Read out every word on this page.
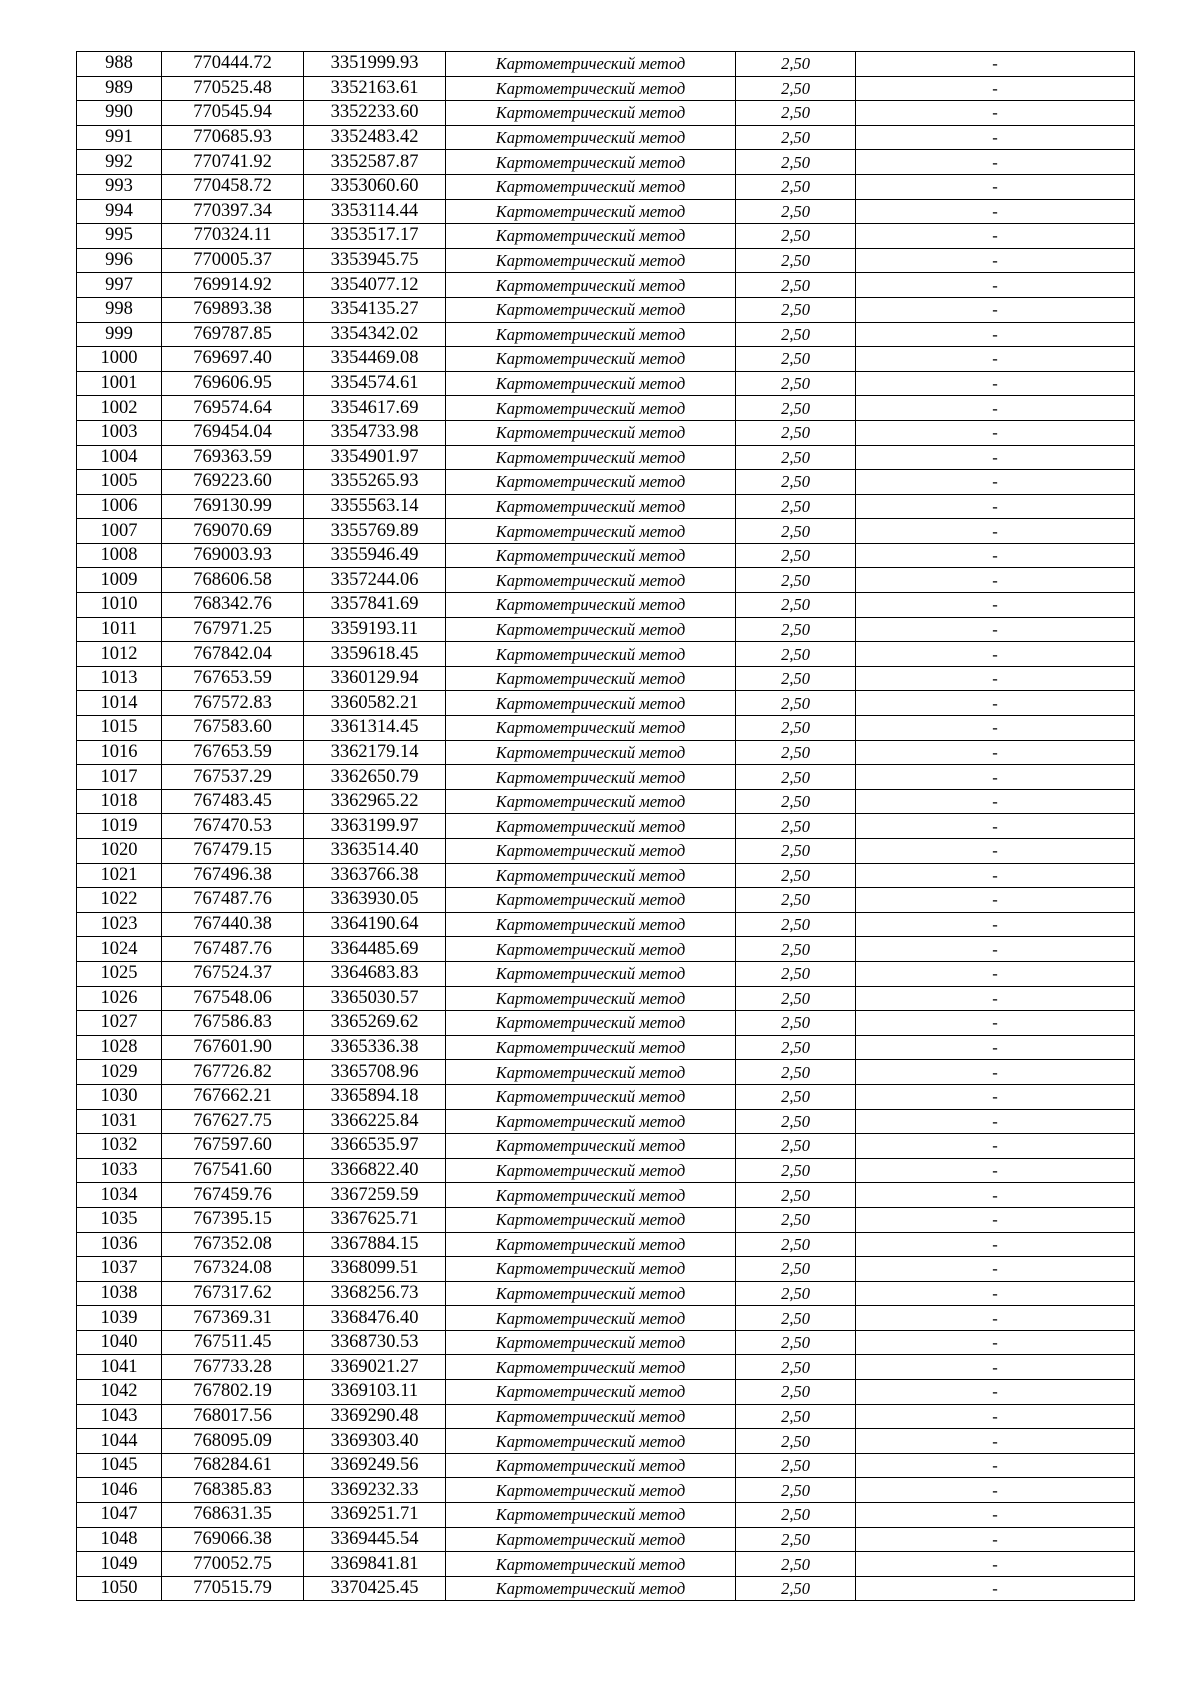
988	770444.72	3351999.93	Картометрический метод	2,50	-
989	770525.48	3352163.61	Картометрический метод	2,50	-
990	770545.94	3352233.60	Картометрический метод	2,50	-
991	770685.93	3352483.42	Картометрический метод	2,50	-
992	770741.92	3352587.87	Картометрический метод	2,50	-
993	770458.72	3353060.60	Картометрический метод	2,50	-
994	770397.34	3353114.44	Картометрический метод	2,50	-
995	770324.11	3353517.17	Картометрический метод	2,50	-
996	770005.37	3353945.75	Картометрический метод	2,50	-
997	769914.92	3354077.12	Картометрический метод	2,50	-
998	769893.38	3354135.27	Картометрический метод	2,50	-
999	769787.85	3354342.02	Картометрический метод	2,50	-
1000	769697.40	3354469.08	Картометрический метод	2,50	-
1001	769606.95	3354574.61	Картометрический метод	2,50	-
1002	769574.64	3354617.69	Картометрический метод	2,50	-
1003	769454.04	3354733.98	Картометрический метод	2,50	-
1004	769363.59	3354901.97	Картометрический метод	2,50	-
1005	769223.60	3355265.93	Картометрический метод	2,50	-
1006	769130.99	3355563.14	Картометрический метод	2,50	-
1007	769070.69	3355769.89	Картометрический метод	2,50	-
1008	769003.93	3355946.49	Картометрический метод	2,50	-
1009	768606.58	3357244.06	Картометрический метод	2,50	-
1010	768342.76	3357841.69	Картометрический метод	2,50	-
1011	767971.25	3359193.11	Картометрический метод	2,50	-
1012	767842.04	3359618.45	Картометрический метод	2,50	-
1013	767653.59	3360129.94	Картометрический метод	2,50	-
1014	767572.83	3360582.21	Картометрический метод	2,50	-
1015	767583.60	3361314.45	Картометрический метод	2,50	-
1016	767653.59	3362179.14	Картометрический метод	2,50	-
1017	767537.29	3362650.79	Картометрический метод	2,50	-
1018	767483.45	3362965.22	Картометрический метод	2,50	-
1019	767470.53	3363199.97	Картометрический метод	2,50	-
1020	767479.15	3363514.40	Картометрический метод	2,50	-
1021	767496.38	3363766.38	Картометрический метод	2,50	-
1022	767487.76	3363930.05	Картометрический метод	2,50	-
1023	767440.38	3364190.64	Картометрический метод	2,50	-
1024	767487.76	3364485.69	Картометрический метод	2,50	-
1025	767524.37	3364683.83	Картометрический метод	2,50	-
1026	767548.06	3365030.57	Картометрический метод	2,50	-
1027	767586.83	3365269.62	Картометрический метод	2,50	-
1028	767601.90	3365336.38	Картометрический метод	2,50	-
1029	767726.82	3365708.96	Картометрический метод	2,50	-
1030	767662.21	3365894.18	Картометрический метод	2,50	-
1031	767627.75	3366225.84	Картометрический метод	2,50	-
1032	767597.60	3366535.97	Картометрический метод	2,50	-
1033	767541.60	3366822.40	Картометрический метод	2,50	-
1034	767459.76	3367259.59	Картометрический метод	2,50	-
1035	767395.15	3367625.71	Картометрический метод	2,50	-
1036	767352.08	3367884.15	Картометрический метод	2,50	-
1037	767324.08	3368099.51	Картометрический метод	2,50	-
1038	767317.62	3368256.73	Картометрический метод	2,50	-
1039	767369.31	3368476.40	Картометрический метод	2,50	-
1040	767511.45	3368730.53	Картометрический метод	2,50	-
1041	767733.28	3369021.27	Картометрический метод	2,50	-
1042	767802.19	3369103.11	Картометрический метод	2,50	-
1043	768017.56	3369290.48	Картометрический метод	2,50	-
1044	768095.09	3369303.40	Картометрический метод	2,50	-
1045	768284.61	3369249.56	Картометрический метод	2,50	-
1046	768385.83	3369232.33	Картометрический метод	2,50	-
1047	768631.35	3369251.71	Картометрический метод	2,50	-
1048	769066.38	3369445.54	Картометрический метод	2,50	-
1049	770052.75	3369841.81	Картометрический метод	2,50	-
1050	770515.79	3370425.45	Картометрический метод	2,50	-
